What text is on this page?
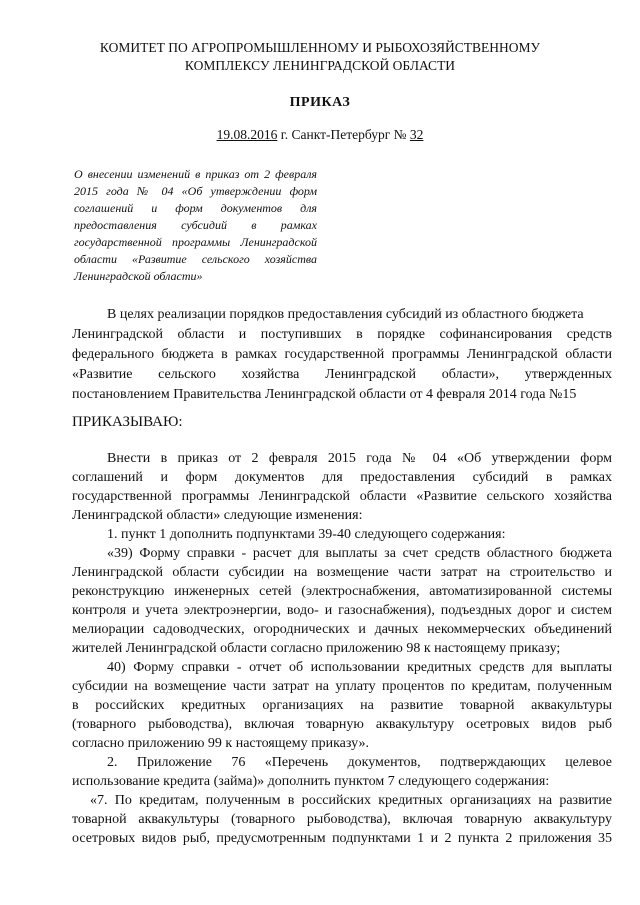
КОМИТЕТ ПО АГРОПРОМЫШЛЕННОМУ И РЫБОХОЗЯЙСТВЕННОМУ
КОМПЛЕКСУ ЛЕНИНГРАДСКОЙ ОБЛАСТИ
ПРИКАЗ
19.08.2016 г. Санкт-Петербург № 32
О внесении изменений в приказ от 2 февраля
2015 года № 04 «Об утверждении форм
соглашений и форм документов для
предоставления субсидий в рамках
государственной программы Ленинградской
области «Развитие сельского хозяйства
Ленинградской области»
В целях реализации порядков предоставления субсидий из областного бюджета
Ленинградской области и поступивших в порядке софинансирования средств
федерального бюджета в рамках государственной программы Ленинградской области
«Развитие сельского хозяйства Ленинградской области», утвержденных
постановлением Правительства Ленинградской области от 4 февраля 2014 года №15
ПРИКАЗЫВАЮ:
Внести в приказ от 2 февраля 2015 года № 04 «Об утверждении форм
соглашений и форм документов для предоставления субсидий в рамках
государственной программы Ленинградской области «Развитие сельского хозяйства
Ленинградской области» следующие изменения:
1. пункт 1 дополнить подпунктами 39-40 следующего содержания:
«39) Форму справки - расчет для выплаты за счет средств областного бюджета
Ленинградской области субсидии на возмещение части затрат на строительство и
реконструкцию инженерных сетей (электроснабжения, автоматизированной системы
контроля и учета электроэнергии, водо- и газоснабжения), подъездных дорог и систем
мелиорации садоводческих, огороднических и дачных некоммерческих объединений
жителей Ленинградской области согласно приложению 98 к настоящему приказу;
40) Форму справки - отчет об использовании кредитных средств для выплаты
субсидии на возмещение части затрат на уплату процентов по кредитам, полученным
в российских кредитных организациях на развитие товарной аквакультуры
(товарного рыбоводства), включая товарную аквакультуру осетровых видов рыб
согласно приложению 99 к настоящему приказу».
2. Приложение 76 «Перечень документов, подтверждающих целевое
использование кредита (займа)» дополнить пунктом 7 следующего содержания:
«7. По кредитам, полученным в российских кредитных организациях на развитие
товарной аквакультуры (товарного рыбоводства), включая товарную аквакультуру
осетровых видов рыб, предусмотренным подпунктами 1 и 2 пункта 2 приложения 35
